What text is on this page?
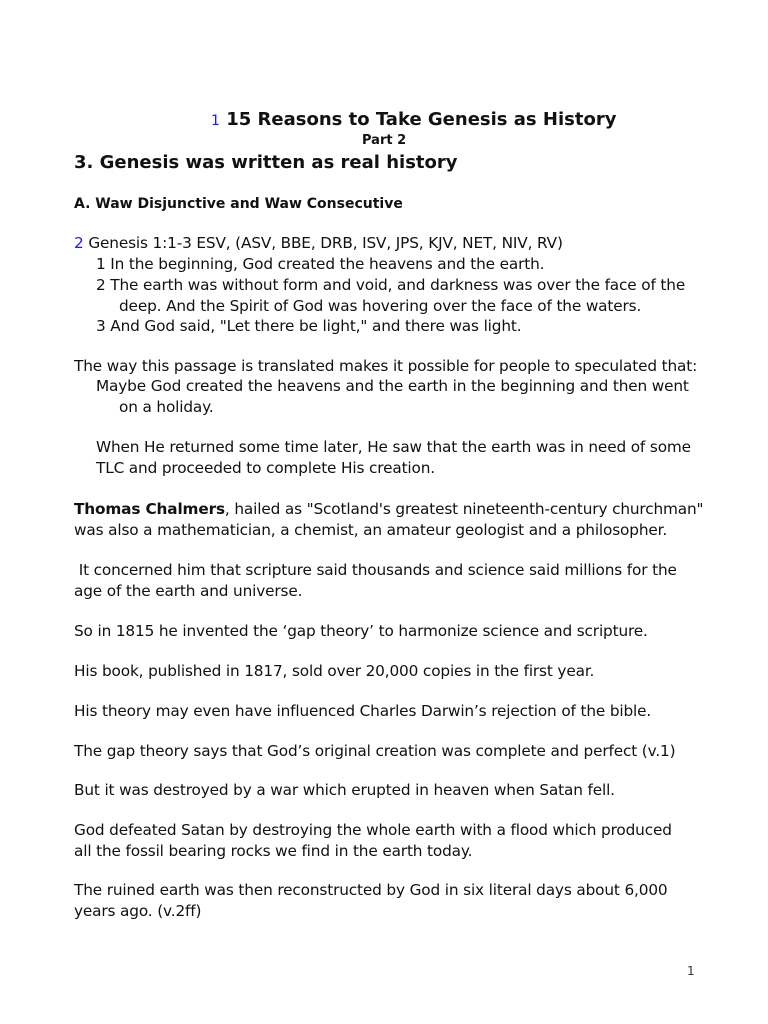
1 15 Reasons to Take Genesis as History
Part 2
3. Genesis was written as real history
A. Waw Disjunctive and Waw Consecutive
2 Genesis 1:1-3 ESV, (ASV, BBE, DRB, ISV, JPS, KJV, NET, NIV, RV)
1 In the beginning, God created the heavens and the earth.
2 The earth was without form and void, and darkness was over the face of the
deep. And the Spirit of God was hovering over the face of the waters.
3 And God said, "Let there be light," and there was light.
The way this passage is translated makes it possible for people to speculated that:
Maybe God created the heavens and the earth in the beginning and then went
on a holiday.
When He returned some time later, He saw that the earth was in need of some
TLC and proceeded to complete His creation.
Thomas Chalmers, hailed as "Scotland's greatest nineteenth-century churchman"
was also a mathematician, a chemist, an amateur geologist and a philosopher.
It concerned him that scripture said thousands and science said millions for the
age of the earth and universe.
So in 1815 he invented the ‘gap theory’ to harmonize science and scripture.
His book, published in 1817, sold over 20,000 copies in the first year.
His theory may even have influenced Charles Darwin’s rejection of the bible.
The gap theory says that God’s original creation was complete and perfect (v.1)
But it was destroyed by a war which erupted in heaven when Satan fell.
God defeated Satan by destroying the whole earth with a flood which produced
all the fossil bearing rocks we find in the earth today.
The ruined earth was then reconstructed by God in six literal days about 6,000
years ago. (v.2ff)
1
